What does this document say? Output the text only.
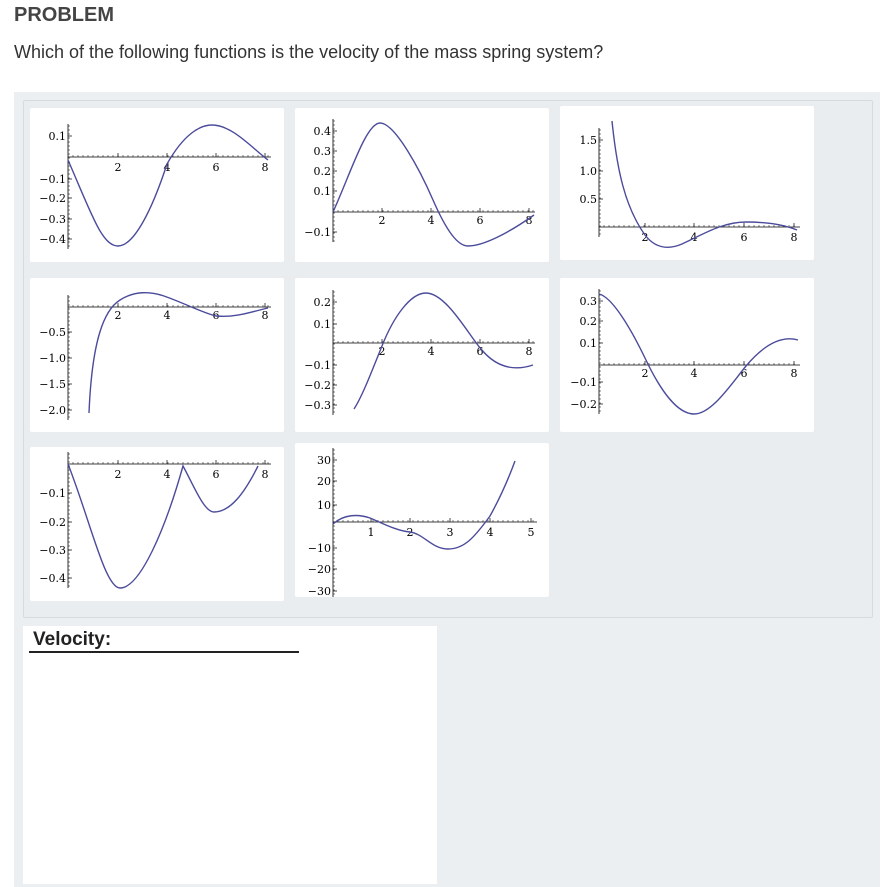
PROBLEM
Which of the following functions is the velocity of the mass spring system?
0.1
−0.1
−0.2
−0.3
−0.4
2	4	6	8
0.4
0.3
0.2
0.1
−0.1
2	4	6	8
1.5
1.0
0.5
2	4	6	8
−0.5
−1.0
−1.5
−2.0
2	4	6	8
0.2
0.1
−0.1
−0.2
−0.3
2	4	6	8
0.3
0.2
0.1
−0.1
−0.2
2	4	6	8
−0.1
−0.2
−0.3
−0.4
2	4	6	8
30
20
10
−10
−20
−30
1	2	3	4	5
Velocity:
